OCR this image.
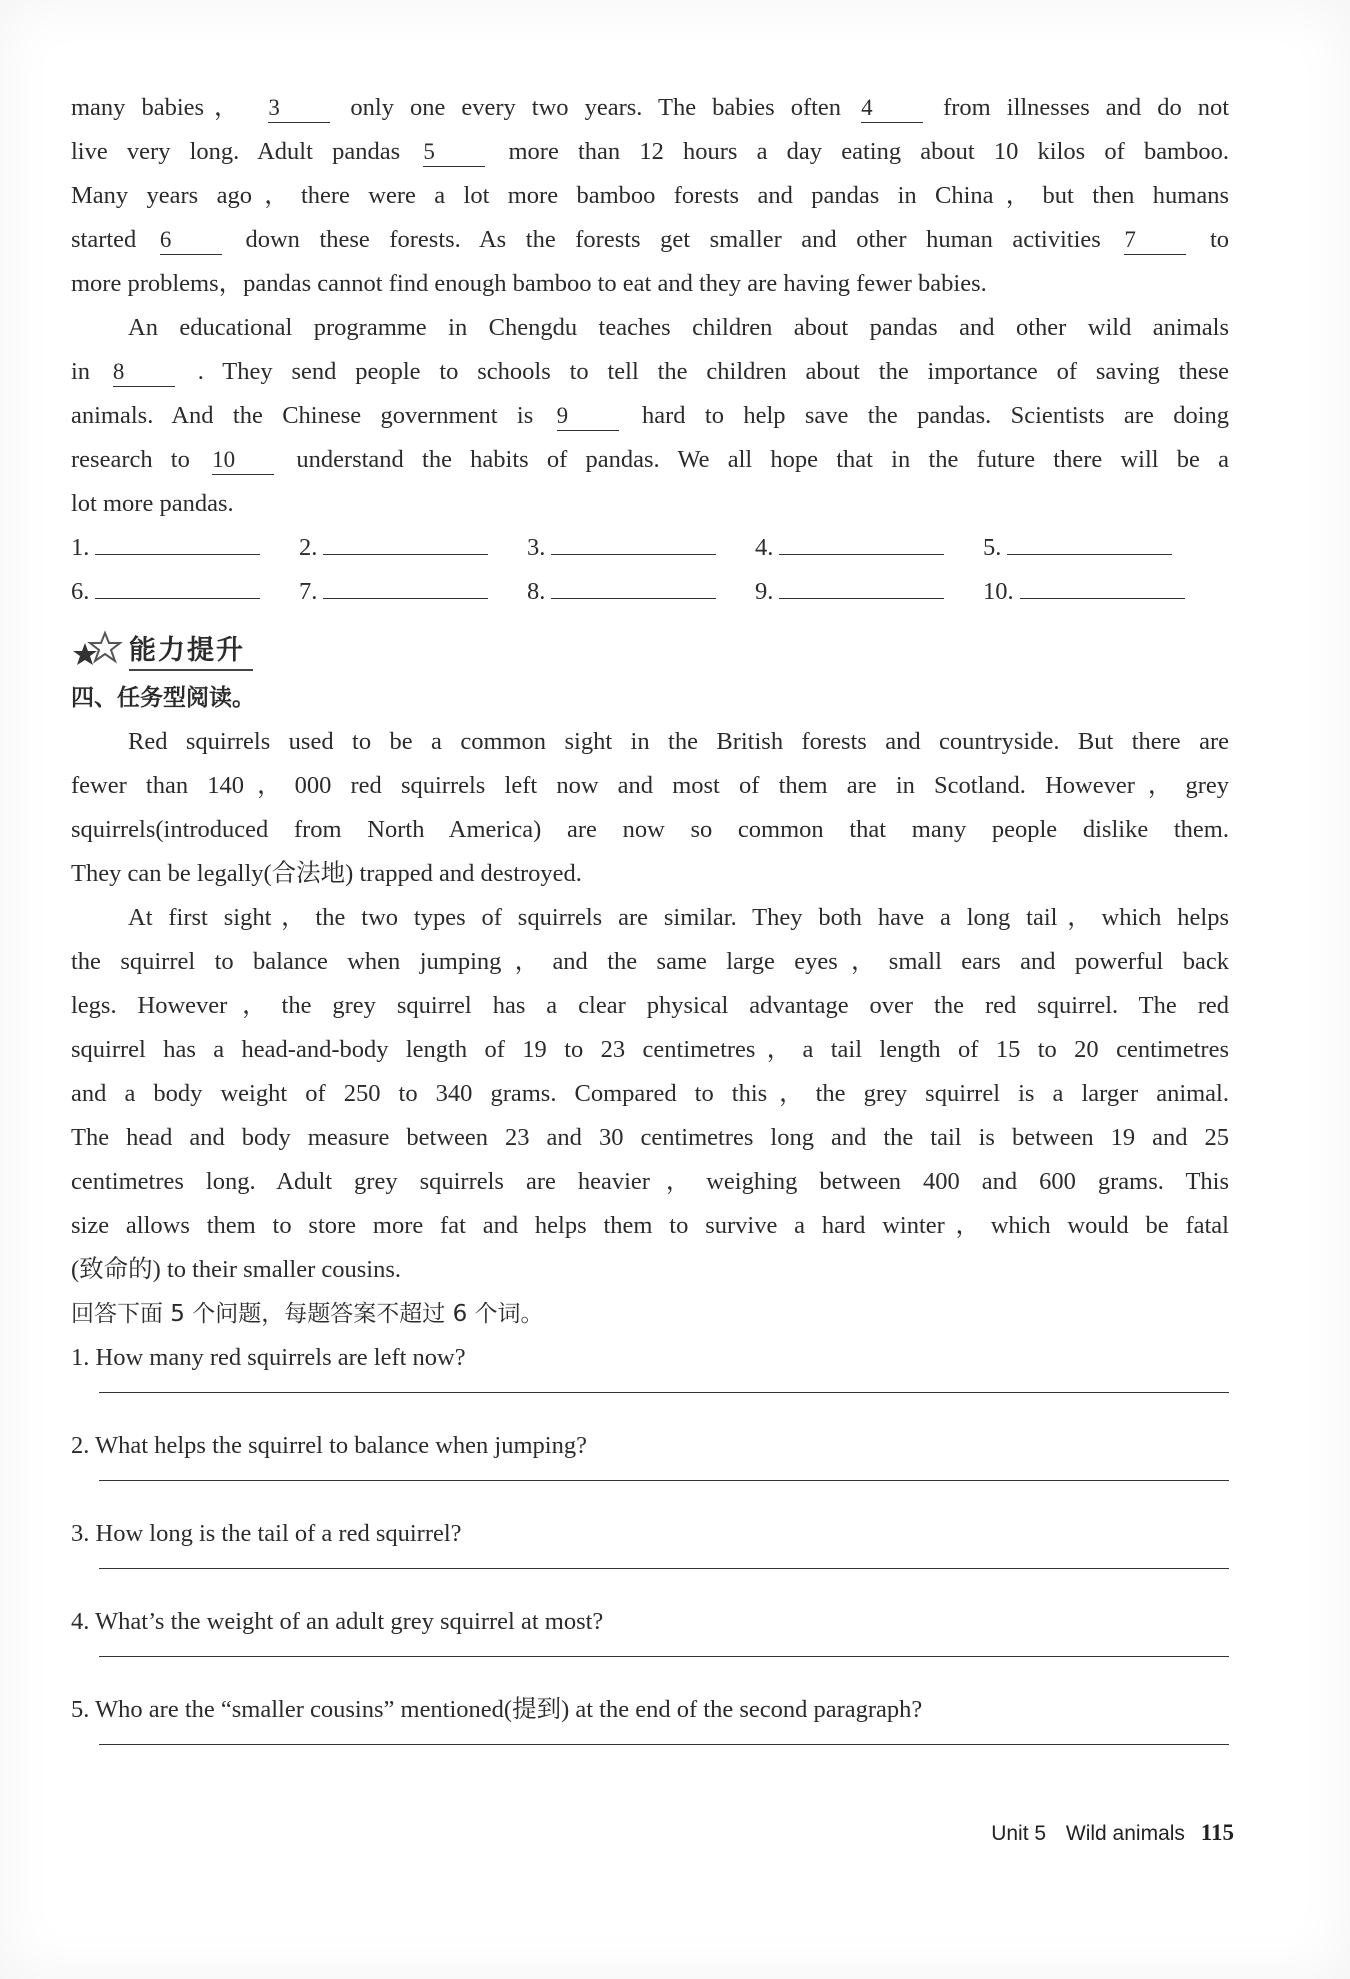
many babies， 3	only one every two years. The babies often 4	from illnesses and do not
live very long. Adult pandas 5	more than 12 hours a day eating about 10 kilos of bamboo.
Many years ago，there were a lot more bamboo forests and pandas in China，but then humans
started 6	down these forests. As the forests get smaller and other human activities 7	to
more problems，pandas cannot find enough bamboo to eat and they are having fewer babies.
An educational programme in Chengdu teaches children about pandas and other wild animals
in 8	. They send people to schools to tell the children about the importance of saving these
animals. And the Chinese government is 9	hard to help save the pandas. Scientists are doing
research to 10 understand the habits of pandas. We all hope that in the future there will be a
lot more pandas.
1.	2.	3.	4.	5.
6.	7.	8.	9.	10.
能力提升
四、任务型阅读。
Red squirrels used to be a common sight in the British forests and countryside. But there are
fewer than 140，000 red squirrels left now and most of them are in Scotland. However，grey
squirrels(introduced from North America) are now so common that many people dislike them.
They can be legally(合法地) trapped and destroyed.
At first sight，the two types of squirrels are similar. They both have a long tail，which helps
the squirrel to balance when jumping，and the same large eyes，small ears and powerful back
legs. However，the grey squirrel has a clear physical advantage over the red squirrel. The red
squirrel has a head-and-body length of 19 to 23 centimetres，a tail length of 15 to 20 centimetres
and a body weight of 250 to 340 grams. Compared to this，the grey squirrel is a larger animal.
The head and body measure between 23 and 30 centimetres long and the tail is between 19 and 25
centimetres long. Adult grey squirrels are heavier，weighing between 400 and 600 grams. This
size allows them to store more fat and helps them to survive a hard winter，which would be fatal
(致命的) to their smaller cousins.
回答下面 5 个问题，每题答案不超过 6 个词。
1. How many red squirrels are left now?
2. What helps the squirrel to balance when jumping?
3. How long is the tail of a red squirrel?
4. What’s the weight of an adult grey squirrel at most?
5. Who are the “smaller cousins” mentioned(提到) at the end of the second paragraph?
Unit 5 Wild animals 115
